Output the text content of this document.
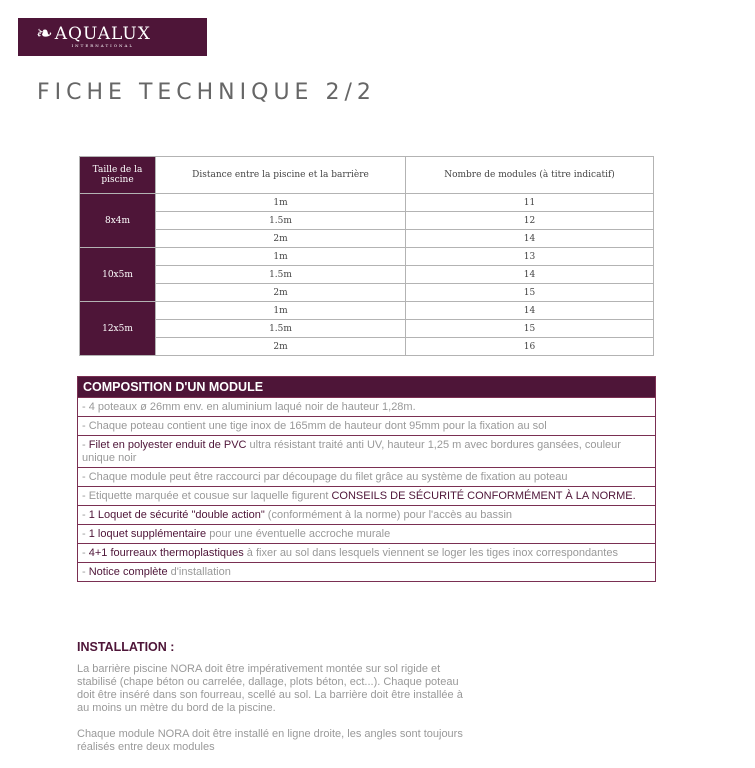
❧ AQUALUX
INTERNATIONAL
FICHE TECHNIQUE 2/2
Taille de la piscine	Distance entre la piscine et la barrière	Nombre de modules (à titre indicatif)
8x4m	1m	11
	1.5m	12
	2m	14
10x5m	1m	13
	1.5m	14
	2m	15
12x5m	1m	14
	1.5m	15
	2m	16
COMPOSITION D'UN MODULE
- 4 poteaux ø 26mm env. en aluminium laqué noir de hauteur 1,28m.
- Chaque poteau contient une tige inox de 165mm de hauteur dont 95mm pour la fixation au sol
- Filet en polyester enduit de PVC ultra résistant traité anti UV, hauteur 1,25 m avec bordures gansées, couleur unique noir
- Chaque module peut être raccourci par découpage du filet grâce au système de fixation au poteau
- Etiquette marquée et cousue sur laquelle figurent CONSEILS DE SÉCURITÉ CONFORMÉMENT À LA NORME.
- 1 Loquet de sécurité "double action" (conformément à la norme) pour l'accès au bassin
- 1 loquet supplémentaire pour une éventuelle accroche murale
- 4+1 fourreaux thermoplastiques à fixer au sol dans lesquels viennent se loger les tiges inox correspondantes
- Notice complète d'installation
INSTALLATION :
La barrière piscine NORA doit être impérativement montée sur sol rigide et stabilisé (chape béton ou carrelée, dallage, plots béton, ect...). Chaque poteau doit être inséré dans son fourreau, scellé au sol. La barrière doit être installée à au moins un mètre du bord de la piscine.
Chaque module NORA doit être installé en ligne droite, les angles sont toujours réalisés entre deux modules
